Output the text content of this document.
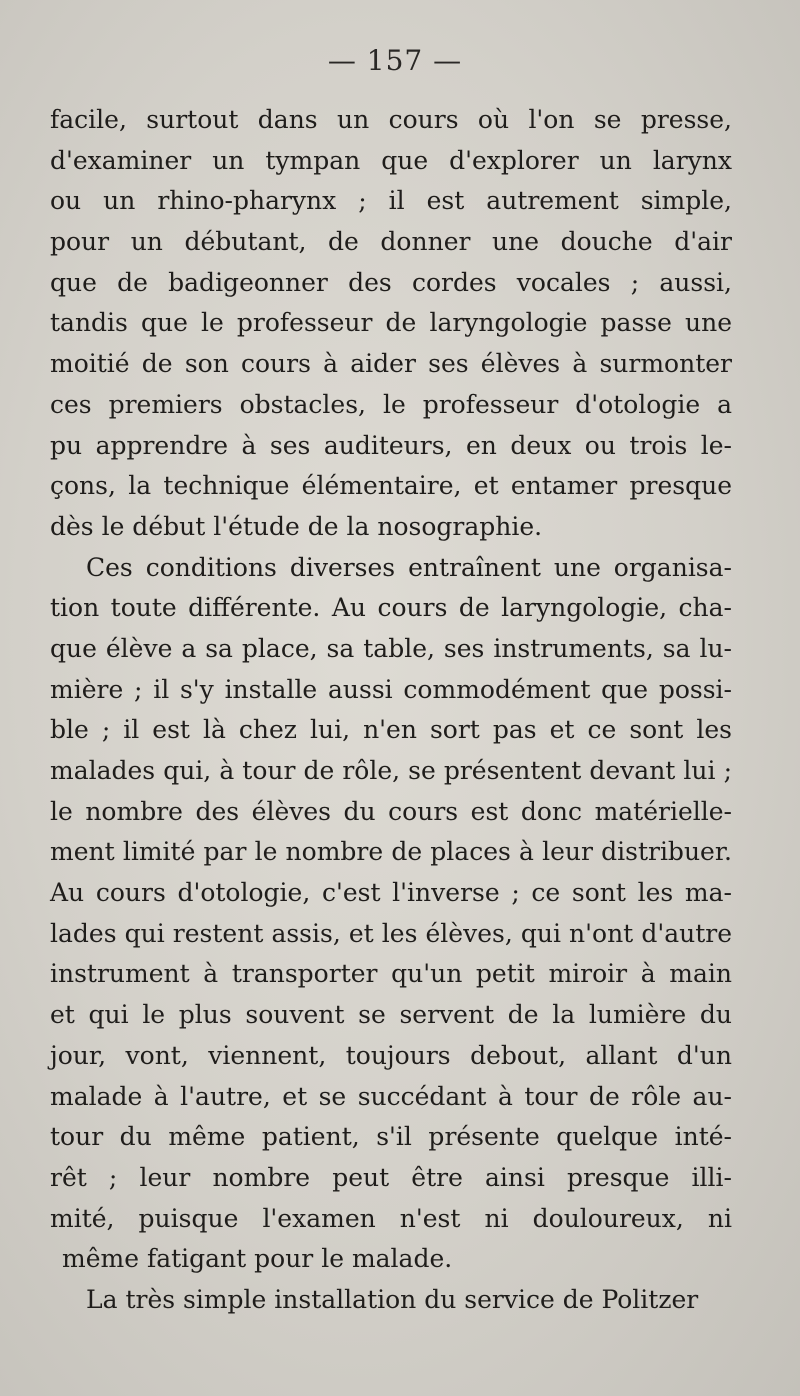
— 157 —
facile, surtout dans un cours où l'on se presse,
d'examiner un tympan que d'explorer un larynx
ou un rhino-pharynx ; il est autrement simple,
pour un débutant, de donner une douche d'air
que de badigeonner des cordes vocales ; aussi,
tandis que le professeur de laryngologie passe une
moitié de son cours à aider ses élèves à surmonter
ces premiers obstacles, le professeur d'otologie a
pu apprendre à ses auditeurs, en deux ou trois le-
çons, la technique élémentaire, et entamer presque
dès le début l'étude de la nosographie.
Ces conditions diverses entraînent une organisa-
tion toute différente. Au cours de laryngologie, cha-
que élève a sa place, sa table, ses instruments, sa lu-
mière ; il s'y installe aussi commodément que possi-
ble ; il est là chez lui, n'en sort pas et ce sont les
malades qui, à tour de rôle, se présentent devant lui ;
le nombre des élèves du cours est donc matérielle-
ment limité par le nombre de places à leur distribuer.
Au cours d'otologie, c'est l'inverse ; ce sont les ma-
lades qui restent assis, et les élèves, qui n'ont d'autre
instrument à transporter qu'un petit miroir à main
et qui le plus souvent se servent de la lumière du
jour, vont, viennent, toujours debout, allant d'un
malade à l'autre, et se succédant à tour de rôle au-
tour du même patient, s'il présente quelque inté-
rêt ; leur nombre peut être ainsi presque illi-
mité, puisque l'examen n'est ni douloureux, ni
même fatigant pour le malade.
La très simple installation du service de Politzer
